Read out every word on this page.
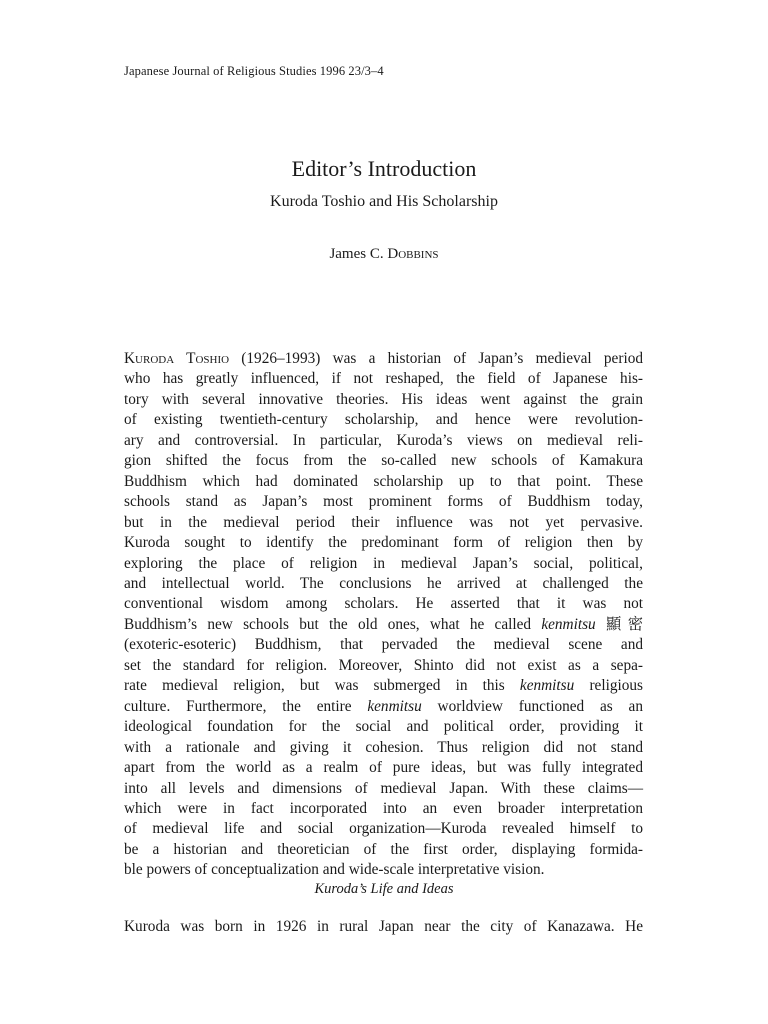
Japanese Journal of Religious Studies 1996 23/3–4
Editor’s Introduction
Kuroda Toshio and His Scholarship
James C. Dobbins
Kuroda Toshio (1926–1993) was a historian of Japan’s medieval period
who has greatly influenced, if not reshaped, the field of Japanese his-
tory with several innovative theories. His ideas went against the grain
of existing twentieth-century scholarship, and hence were revolution-
ary and controversial. In particular, Kuroda’s views on medieval reli-
gion shifted the focus from the so-called new schools of Kamakura
Buddhism which had dominated scholarship up to that point. These
schools stand as Japan’s most prominent forms of Buddhism today,
but in the medieval period their influence was not yet pervasive.
Kuroda sought to identify the predominant form of religion then by
exploring the place of religion in medieval Japan’s social, political,
and intellectual world. The conclusions he arrived at challenged the
conventional wisdom among scholars. He asserted that it was not
Buddhism’s new schools but the old ones, what he called kenmitsu 顯密
(exoteric-esoteric) Buddhism, that pervaded the medieval scene and
set the standard for religion. Moreover, Shinto did not exist as a sepa-
rate medieval religion, but was submerged in this kenmitsu religious
culture. Furthermore, the entire kenmitsu worldview functioned as an
ideological foundation for the social and political order, providing it
with a rationale and giving it cohesion. Thus religion did not stand
apart from the world as a realm of pure ideas, but was fully integrated
into all levels and dimensions of medieval Japan. With these claims—
which were in fact incorporated into an even broader interpretation
of medieval life and social organization—Kuroda revealed himself to
be a historian and theoretician of the first order, displaying formida-
ble powers of conceptualization and wide-scale interpretative vision.
Kuroda’s Life and Ideas
Kuroda was born in 1926 in rural Japan near the city of Kanazawa. He
